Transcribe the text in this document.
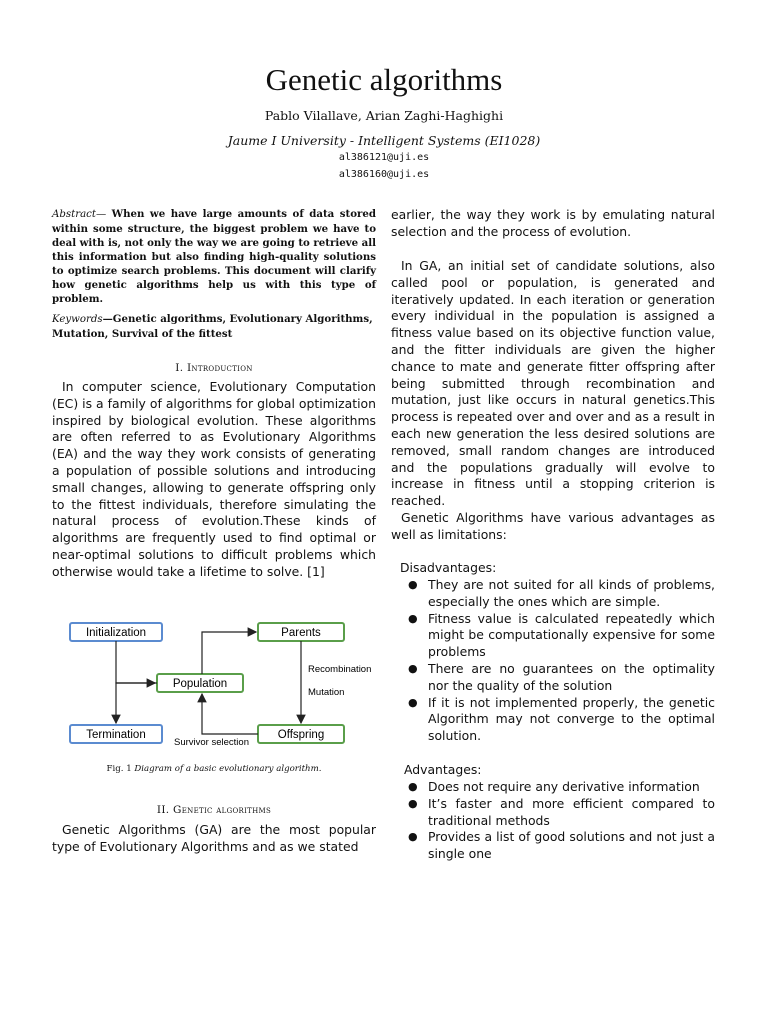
Genetic algorithms
Pablo Vilallave, Arian Zaghi-Haghighi
Jaume I University - Intelligent Systems (EI1028)
al386121@uji.es
al386160@uji.es
Abstract— When we have large amounts of data stored within some structure, the biggest problem we have to deal with is, not only the way we are going to retrieve all this information but also finding high-quality solutions to optimize search problems. This document will clarify how genetic algorithms help us with this type of problem.
Keywords—Genetic algorithms, Evolutionary Algorithms, Mutation, Survival of the fittest
I. Introduction
In computer science, Evolutionary Computation (EC) is a family of algorithms for global optimization inspired by biological evolution. These algorithms are often referred to as Evolutionary Algorithms (EA) and the way they work consists of generating a population of possible solutions and introducing small changes, allowing to generate offspring only to the fittest individuals, therefore simulating the natural process of evolution.These kinds of algorithms are frequently used to find optimal or near-optimal solutions to difficult problems which otherwise would take a lifetime to solve. [1]
Initialization	Parents
Population
Termination	Offspring
Recombination
Mutation
Survivor selection
Fig. 1 Diagram of a basic evolutionary algorithm.
II. Genetic algorithms
Genetic Algorithms (GA) are the most popular type of Evolutionary Algorithms and as we stated
earlier, the way they work is by emulating natural selection and the process of evolution.
In GA, an initial set of candidate solutions, also called pool or population, is generated and iteratively updated. In each iteration or generation every individual in the population is assigned a fitness value based on its objective function value, and the fitter individuals are given the higher chance to mate and generate fitter offspring after being submitted through recombination and mutation, just like occurs in natural genetics.This process is repeated over and over and as a result in each new generation the less desired solutions are removed, small random changes are introduced and the populations gradually will evolve to increase in fitness until a stopping criterion is reached.
Genetic Algorithms have various advantages as well as limitations:
Disadvantages:
● They are not suited for all kinds of problems, especially the ones which are simple.
● Fitness value is calculated repeatedly which might be computationally expensive for some problems
● There are no guarantees on the optimality nor the quality of the solution
● If it is not implemented properly, the genetic Algorithm may not converge to the optimal solution.
Advantages:
● Does not require any derivative information
● It’s faster and more efficient compared to traditional methods
● Provides a list of good solutions and not just a single one
